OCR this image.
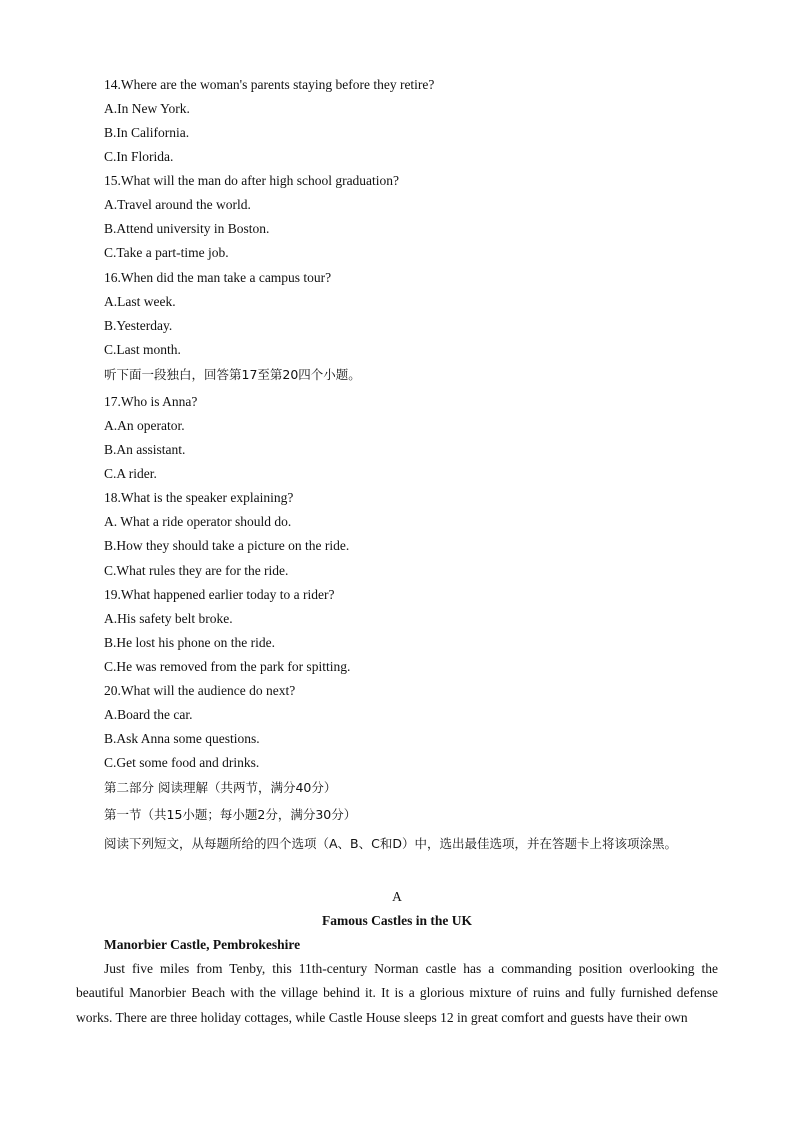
14.Where are the woman's parents staying before they retire?
A.In New York.
B.In California.
C.In Florida.
15.What will the man do after high school graduation?
A.Travel around the world.
B.Attend university in Boston.
C.Take a part-time job.
16.When did the man take a campus tour?
A.Last week.
B.Yesterday.
C.Last month.
听下面一段独白，回答第17至第20四个小题。
17.Who is Anna?
A.An operator.
B.An assistant.
C.A rider.
18.What is the speaker explaining?
A. What a ride operator should do.
B.How they should take a picture on the ride.
C.What rules they are for the ride.
19.What happened earlier today to a rider?
A.His safety belt broke.
B.He lost his phone on the ride.
C.He was removed from the park for spitting.
20.What will the audience do next?
A.Board the car.
B.Ask Anna some questions.
C.Get some food and drinks.
第二部分 阅读理解（共两节，满分40分）
第一节（共15小题；每小题2分，满分30分）
阅读下列短文，从每题所给的四个选项（A、B、C和D）中，选出最佳选项，并在答题卡上将该项涂黑。
A
Famous Castles in the UK
Manorbier Castle, Pembrokeshire
Just five miles from Tenby, this 11th-century Norman castle has a commanding position overlooking the beautiful Manorbier Beach with the village behind it. It is a glorious mixture of ruins and fully furnished defense works. There are three holiday cottages, while Castle House sleeps 12 in great comfort and guests have their own
